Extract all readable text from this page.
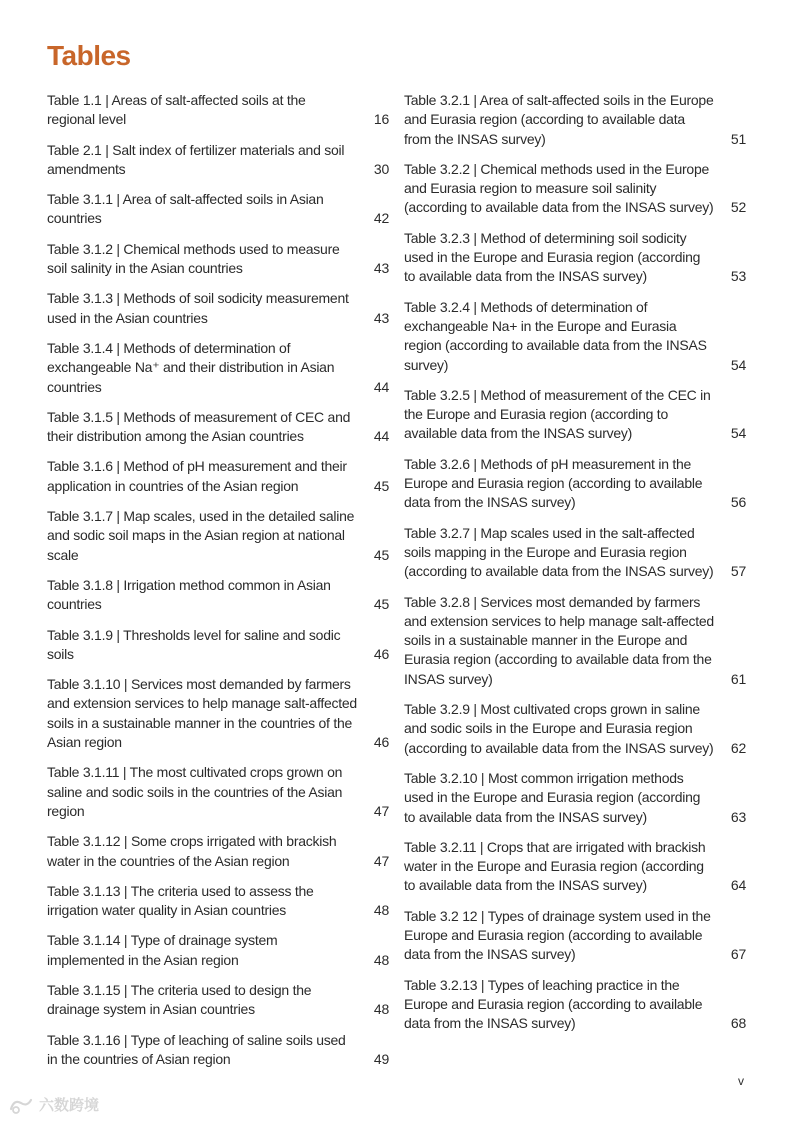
Tables
Table 1.1 | Areas of salt-affected soils at the regional level	16
Table 2.1 | Salt index of fertilizer materials and soil amendments	30
Table 3.1.1 | Area of salt-affected soils in Asian countries	42
Table 3.1.2 | Chemical methods used to measure soil salinity in the Asian countries	43
Table 3.1.3 | Methods of soil sodicity measurement used in the Asian countries	43
Table 3.1.4 | Methods of determination of exchangeable Na⁺ and their distribution in Asian countries	44
Table 3.1.5 | Methods of measurement of CEC and their distribution among the Asian countries	44
Table 3.1.6 | Method of pH measurement and their application in countries of the Asian region	45
Table 3.1.7 | Map scales, used in the detailed saline and sodic soil maps in the Asian region at national scale	45
Table 3.1.8 | Irrigation method common in Asian countries	45
Table 3.1.9 | Thresholds level for saline and sodic soils	46
Table 3.1.10 | Services most demanded by farmers and extension services to help manage salt-affected soils in a sustainable manner in the countries of the Asian region	46
Table 3.1.11 | The most cultivated crops grown on saline and sodic soils in the countries of the Asian region	47
Table 3.1.12 | Some crops irrigated with brackish water in the countries of the Asian region	47
Table 3.1.13 | The criteria used to assess the irrigation water quality in Asian countries	48
Table 3.1.14 | Type of drainage system implemented in the Asian region	48
Table 3.1.15 | The criteria used to design the drainage system in Asian countries	48
Table 3.1.16 | Type of leaching of saline soils used in the countries of Asian region	49
Table 3.2.1 | Area of salt-affected soils in the Europe and Eurasia region (according to available data from the INSAS survey)	51
Table 3.2.2 | Chemical methods used in the Europe and Eurasia region to measure soil salinity (according to available data from the INSAS survey) 52
Table 3.2.3 | Method of determining soil sodicity used in the Europe and Eurasia region (according to available data from the INSAS survey)	53
Table 3.2.4 | Methods of determination of exchangeable Na+ in the Europe and Eurasia region (according to available data from the INSAS survey)	54
Table 3.2.5 | Method of measurement of the CEC in the Europe and Eurasia region (according to available data from the INSAS survey)	54
Table 3.2.6 | Methods of pH measurement in the Europe and Eurasia region (according to available data from the INSAS survey)	56
Table 3.2.7 | Map scales used in the salt-affected soils mapping in the Europe and Eurasia region (according to available data from the INSAS survey) 57
Table 3.2.8 | Services most demanded by farmers and extension services to help manage salt-affected soils in a sustainable manner in the Europe and Eurasia region (according to available data from the INSAS survey)	61
Table 3.2.9 | Most cultivated crops grown in saline and sodic soils in the Europe and Eurasia region (according to available data from the INSAS survey) 62
Table 3.2.10 | Most common irrigation methods used in the Europe and Eurasia region (according to available data from the INSAS survey)	63
Table 3.2.11 | Crops that are irrigated with brackish water in the Europe and Eurasia region (according to available data from the INSAS survey)	64
Table 3.2 12 | Types of drainage system used in the Europe and Eurasia region (according to available data from the INSAS survey)	67
Table 3.2.13 | Types of leaching practice in the Europe and Eurasia region (according to available data from the INSAS survey)	68
v
六数跨境
